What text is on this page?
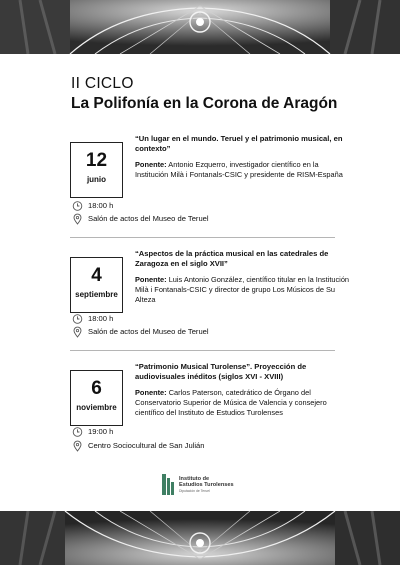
II CICLO
La Polifonía en la Corona de Aragón
12
junio
“Un lugar en el mundo. Teruel y el patrimonio musical, en contexto”
Ponente: Antonio Ezquerro, investigador científico en la Institución Milà i Fontanals-CSIC y presidente de RISM-España
18:00 h
Salón de actos del Museo de Teruel
4
septiembre
“Aspectos de la práctica musical en las catedrales de Zaragoza en el siglo XVII”
Ponente: Luis Antonio González, científico titular en la Institución Milà i Fontanals-CSIC y director de grupo Los Músicos de Su Alteza
18:00 h
Salón de actos del Museo de Teruel
6
noviembre
“Patrimonio Musical Turolense”. Proyección de audiovisuales inéditos (siglos XVI - XVIII)
Ponente: Carlos Paterson, catedrático de Órgano del Conservatorio Superior de Música de Valencia y consejero científico del Instituto de Estudios Turolenses
19:00 h
Centro Sociocultural de San Julián
Instituto de
Estudios Turolenses
Diputación de Teruel
